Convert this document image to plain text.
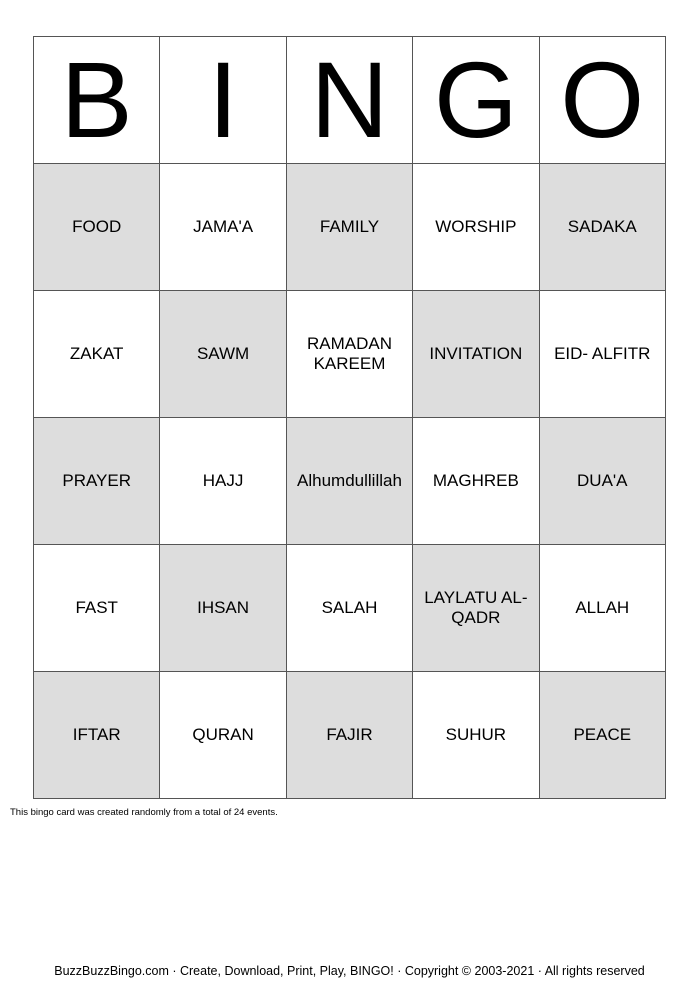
B	I	N	G	O
FOOD	JAMA'A	FAMILY	WORSHIP	SADAKA
ZAKAT	SAWM	RAMADAN KAREEM	INVITATION	EID- ALFITR
PRAYER	HAJJ	Alhumdullillah	MAGHREB	DUA'A
FAST	IHSAN	SALAH	LAYLATU AL-QADR	ALLAH
IFTAR	QURAN	FAJIR	SUHUR	PEACE
This bingo card was created randomly from a total of 24 events.
BuzzBuzzBingo.com · Create, Download, Print, Play, BINGO! · Copyright © 2003-2021 · All rights reserved
